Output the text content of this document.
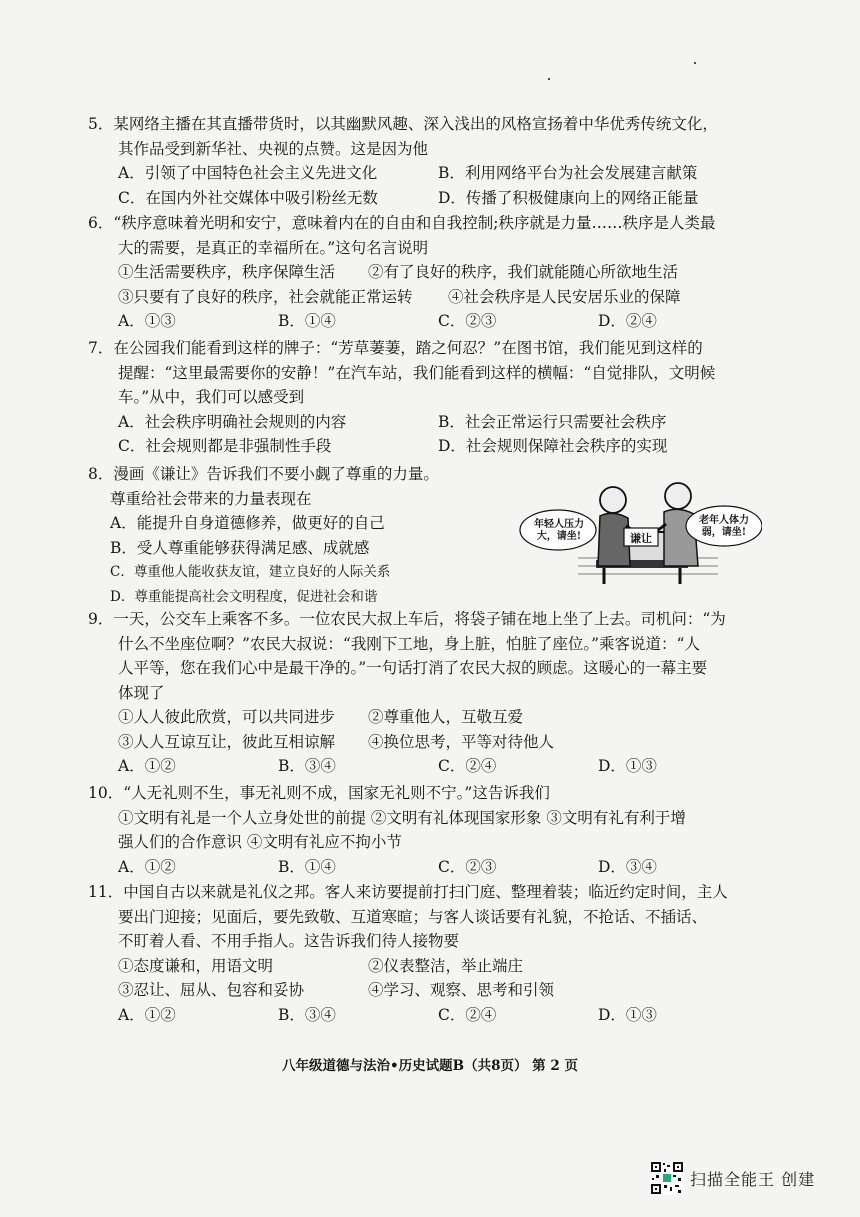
5．某网络主播在其直播带货时，以其幽默风趣、深入浅出的风格宣扬着中华优秀传统文化，
其作品受到新华社、央视的点赞。这是因为他
A．引领了中国特色社会主义先进文化	B．利用网络平台为社会发展建言献策
C．在国内外社交媒体中吸引粉丝无数	D．传播了积极健康向上的网络正能量
6．“秩序意味着光明和安宁，意味着内在的自由和自我控制;秩序就是力量……秩序是人类最
大的需要，是真正的幸福所在。”这句名言说明
①生活需要秩序，秩序保障生活	②有了良好的秩序，我们就能随心所欲地生活
③只要有了良好的秩序，社会就能正常运转	④社会秩序是人民安居乐业的保障
A．①③	B．①④	C．②③	D．②④
7．在公园我们能看到这样的牌子：“芳草萋萋，踏之何忍？”在图书馆，我们能见到这样的
提醒：“这里最需要你的安静！”在汽车站，我们能看到这样的横幅：“自觉排队，文明候
车。”从中，我们可以感受到
A．社会秩序明确社会规则的内容	B．社会正常运行只需要社会秩序
C．社会规则都是非强制性手段	D．社会规则保障社会秩序的实现
8．漫画《谦让》告诉我们不要小觑了尊重的力量。
尊重给社会带来的力量表现在
A．能提升自身道德修养，做更好的自己
B．受人尊重能够获得满足感、成就感
C．尊重他人能收获友谊，建立良好的人际关系
D．尊重能提高社会文明程度，促进社会和谐
年轻人压力
大，请坐!
老年人体力
弱，请坐!
谦让
9．一天，公交车上乘客不多。一位农民大叔上车后，将袋子铺在地上坐了上去。司机问：“为
什么不坐座位啊？”农民大叔说：“我刚下工地，身上脏，怕脏了座位。”乘客说道：“人
人平等，您在我们心中是最干净的。”一句话打消了农民大叔的顾虑。这暖心的一幕主要
体现了
①人人彼此欣赏，可以共同进步	②尊重他人，互敬互爱
③人人互谅互让，彼此互相谅解	④换位思考，平等对待他人
A．①②	B．③④	C．②④	D．①③
10．“人无礼则不生，事无礼则不成，国家无礼则不宁。”这告诉我们
①文明有礼是一个人立身处世的前提 ②文明有礼体现国家形象 ③文明有礼有利于增
强人们的合作意识 ④文明有礼应不拘小节
A．①②	B．①④	C．②③	D．③④
11．中国自古以来就是礼仪之邦。客人来访要提前打扫门庭、整理着装；临近约定时间，主人
要出门迎接；见面后，要先致敬、互道寒暄；与客人谈话要有礼貌，不抢话、不插话、
不盯着人看、不用手指人。这告诉我们待人接物要
①态度谦和，用语文明	②仪表整洁，举止端庄
③忍让、屈从、包容和妥协	④学习、观察、思考和引领
A．①②	B．③④	C．②④	D．①③
八年级道德与法治•历史试题B（共8页） 第 2 页
扫描全能王 创建
